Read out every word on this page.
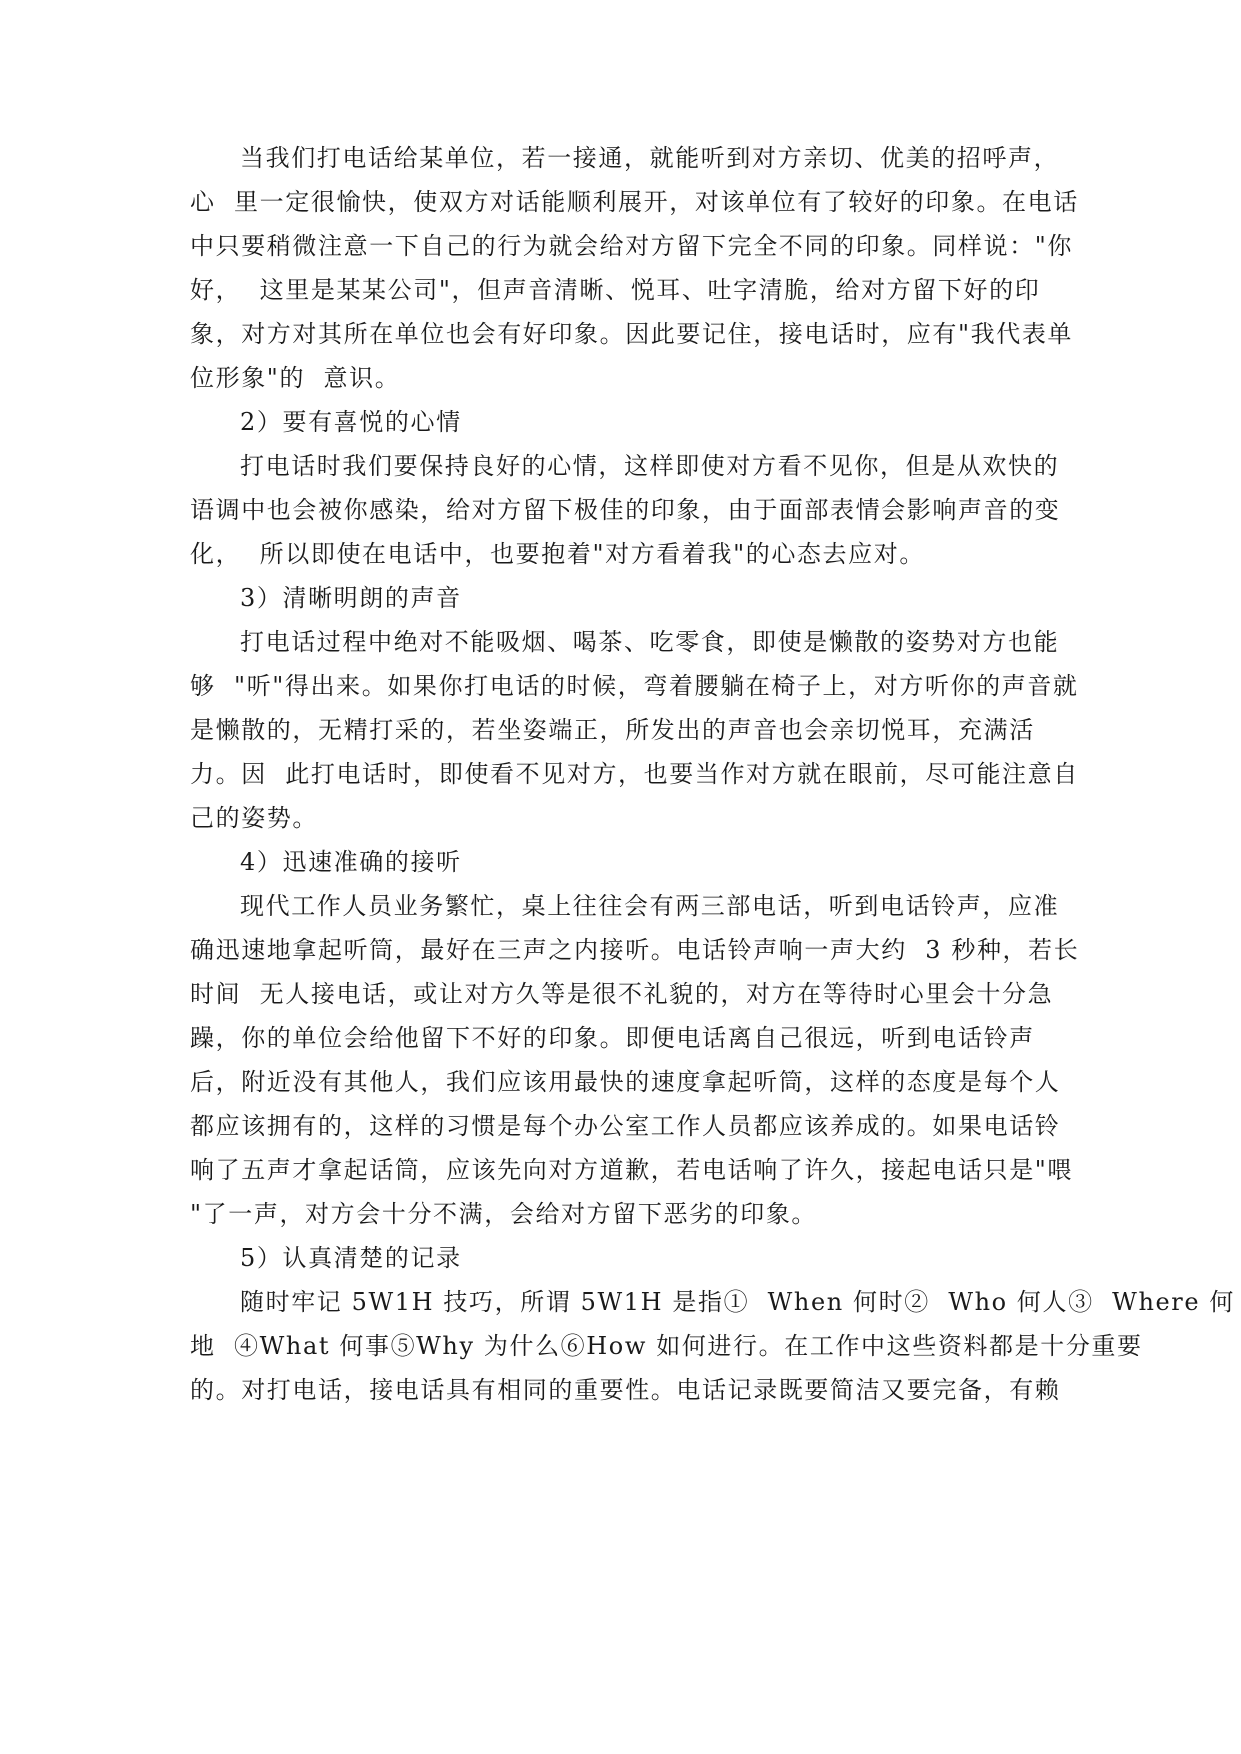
当我们打电话给某单位，若一接通，就能听到对方亲切、优美的招呼声，
心  里一定很愉快，使双方对话能顺利展开，对该单位有了较好的印象。在电话
中只要稍微注意一下自己的行为就会给对方留下完全不同的印象。同样说："你
好，  这里是某某公司"，但声音清晰、悦耳、吐字清脆，给对方留下好的印
象，对方对其所在单位也会有好印象。因此要记住，接电话时，应有"我代表单
位形象"的  意识。
2）要有喜悦的心情
打电话时我们要保持良好的心情，这样即使对方看不见你，但是从欢快的
语调中也会被你感染，给对方留下极佳的印象，由于面部表情会影响声音的变
化，  所以即使在电话中，也要抱着"对方看着我"的心态去应对。
3）清晰明朗的声音
打电话过程中绝对不能吸烟、喝茶、吃零食，即使是懒散的姿势对方也能
够  "听"得出来。如果你打电话的时候，弯着腰躺在椅子上，对方听你的声音就
是懒散的，无精打采的，若坐姿端正，所发出的声音也会亲切悦耳，充满活
力。因  此打电话时，即使看不见对方，也要当作对方就在眼前，尽可能注意自
己的姿势。
4）迅速准确的接听
现代工作人员业务繁忙，桌上往往会有两三部电话，听到电话铃声，应准
确迅速地拿起听筒，最好在三声之内接听。电话铃声响一声大约  3 秒种，若长
时间  无人接电话，或让对方久等是很不礼貌的，对方在等待时心里会十分急
躁，你的单位会给他留下不好的印象。即便电话离自己很远，听到电话铃声
后，附近没有其他人，我们应该用最快的速度拿起听筒，这样的态度是每个人
都应该拥有的，这样的习惯是每个办公室工作人员都应该养成的。如果电话铃
响了五声才拿起话筒，应该先向对方道歉，若电话响了许久，接起电话只是"喂
"了一声，对方会十分不满，会给对方留下恶劣的印象。
5）认真清楚的记录
随时牢记 5W1H 技巧，所谓 5W1H 是指①  When 何时②  Who 何人③  Where 何
地  ④What 何事⑤Why 为什么⑥How 如何进行。在工作中这些资料都是十分重要
的。对打电话，接电话具有相同的重要性。电话记录既要简洁又要完备，有赖
